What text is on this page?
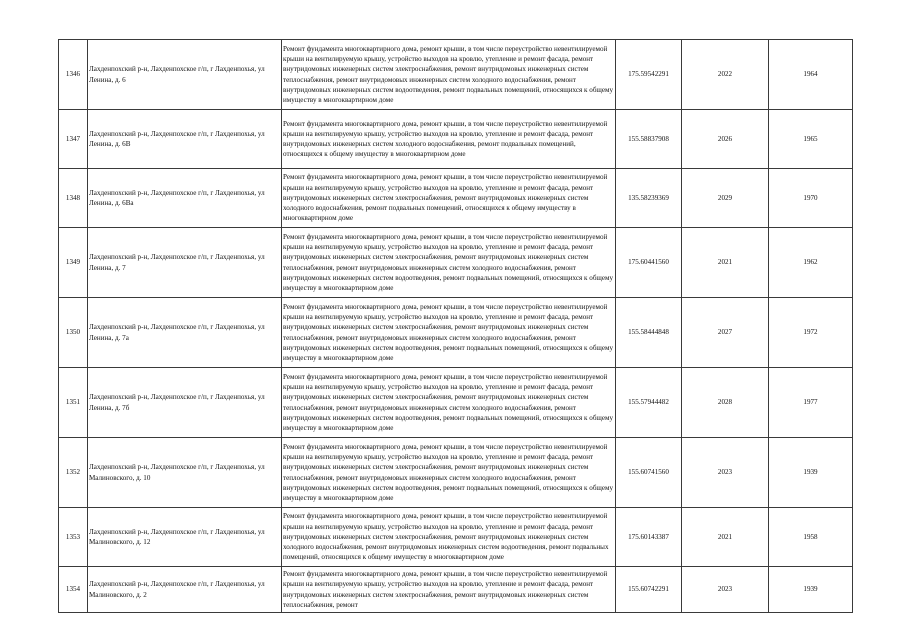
1346	Лахденпохский р-н, Лахденпохское г/п, г Лахденпохья, ул Ленина, д. 6	Ремонт фундамента многоквартирного дома, ремонт крыши, в том числе переустройство невентилируемой крыши на вентилируемую крышу, устройство выходов на кровлю, утепление и ремонт фасада, ремонт внутридомовых инженерных систем электроснабжения, ремонт внутридомовых инженерных систем теплоснабжения, ремонт внутридомовых инженерных систем холодного водоснабжения, ремонт внутридомовых инженерных систем водоотведения, ремонт подвальных помещений, относящихся к общему имуществу в многоквартирном доме	175.59542291	2022	1964
1347	Лахденпохский р-н, Лахденпохское г/п, г Лахденпохья, ул Ленина, д. 6В	Ремонт фундамента многоквартирного дома, ремонт крыши, в том числе переустройство невентилируемой крыши на вентилируемую крышу, устройство выходов на кровлю, утепление и ремонт фасада, ремонт внутридомовых инженерных систем холодного водоснабжения, ремонт подвальных помещений, относящихся к общему имуществу в многоквартирном доме	155.58837908	2026	1965
1348	Лахденпохский р-н, Лахденпохское г/п, г Лахденпохья, ул Ленина, д. 6Ва	Ремонт фундамента многоквартирного дома, ремонт крыши, в том числе переустройство невентилируемой крыши на вентилируемую крышу, устройство выходов на кровлю, утепление и ремонт фасада, ремонт внутридомовых инженерных систем электроснабжения, ремонт внутридомовых инженерных систем холодного водоснабжения, ремонт подвальных помещений, относящихся к общему имуществу в многоквартирном доме	135.58239369	2029	1970
1349	Лахденпохский р-н, Лахденпохское г/п, г Лахденпохья, ул Ленина, д. 7	Ремонт фундамента многоквартирного дома, ремонт крыши, в том числе переустройство невентилируемой крыши на вентилируемую крышу, устройство выходов на кровлю, утепление и ремонт фасада, ремонт внутридомовых инженерных систем электроснабжения, ремонт внутридомовых инженерных систем теплоснабжения, ремонт внутридомовых инженерных систем холодного водоснабжения, ремонт внутридомовых инженерных систем водоотведения, ремонт подвальных помещений, относящихся к общему имуществу в многоквартирном доме	175.60441560	2021	1962
1350	Лахденпохский р-н, Лахденпохское г/п, г Лахденпохья, ул Ленина, д. 7а	Ремонт фундамента многоквартирного дома, ремонт крыши, в том числе переустройство невентилируемой крыши на вентилируемую крышу, устройство выходов на кровлю, утепление и ремонт фасада, ремонт внутридомовых инженерных систем электроснабжения, ремонт внутридомовых инженерных систем теплоснабжения, ремонт внутридомовых инженерных систем холодного водоснабжения, ремонт внутридомовых инженерных систем водоотведения, ремонт подвальных помещений, относящихся к общему имуществу в многоквартирном доме	155.58444848	2027	1972
1351	Лахденпохский р-н, Лахденпохское г/п, г Лахденпохья, ул Ленина, д. 7б	Ремонт фундамента многоквартирного дома, ремонт крыши, в том числе переустройство невентилируемой крыши на вентилируемую крышу, устройство выходов на кровлю, утепление и ремонт фасада, ремонт внутридомовых инженерных систем электроснабжения, ремонт внутридомовых инженерных систем теплоснабжения, ремонт внутридомовых инженерных систем холодного водоснабжения, ремонт внутридомовых инженерных систем водоотведения, ремонт подвальных помещений, относящихся к общему имуществу в многоквартирном доме	155.57944482	2028	1977
1352	Лахденпохский р-н, Лахденпохское г/п, г Лахденпохья, ул Малиновского, д. 10	Ремонт фундамента многоквартирного дома, ремонт крыши, в том числе переустройство невентилируемой крыши на вентилируемую крышу, устройство выходов на кровлю, утепление и ремонт фасада, ремонт внутридомовых инженерных систем электроснабжения, ремонт внутридомовых инженерных систем теплоснабжения, ремонт внутридомовых инженерных систем холодного водоснабжения, ремонт внутридомовых инженерных систем водоотведения, ремонт подвальных помещений, относящихся к общему имуществу в многоквартирном доме	155.60741560	2023	1939
1353	Лахденпохский р-н, Лахденпохское г/п, г Лахденпохья, ул Малиновского, д. 12	Ремонт фундамента многоквартирного дома, ремонт крыши, в том числе переустройство невентилируемой крыши на вентилируемую крышу, устройство выходов на кровлю, утепление и ремонт фасада, ремонт внутридомовых инженерных систем электроснабжения, ремонт внутридомовых инженерных систем холодного водоснабжения, ремонт внутридомовых инженерных систем водоотведения, ремонт подвальных помещений, относящихся к общему имуществу в многоквартирном доме	175.60143387	2021	1958
1354	Лахденпохский р-н, Лахденпохское г/п, г Лахденпохья, ул Малиновского, д. 2	Ремонт фундамента многоквартирного дома, ремонт крыши, в том числе переустройство невентилируемой крыши на вентилируемую крышу, устройство выходов на кровлю, утепление и ремонт фасада, ремонт внутридомовых инженерных систем электроснабжения, ремонт внутридомовых инженерных систем теплоснабжения, ремонт	155.60742291	2023	1939
